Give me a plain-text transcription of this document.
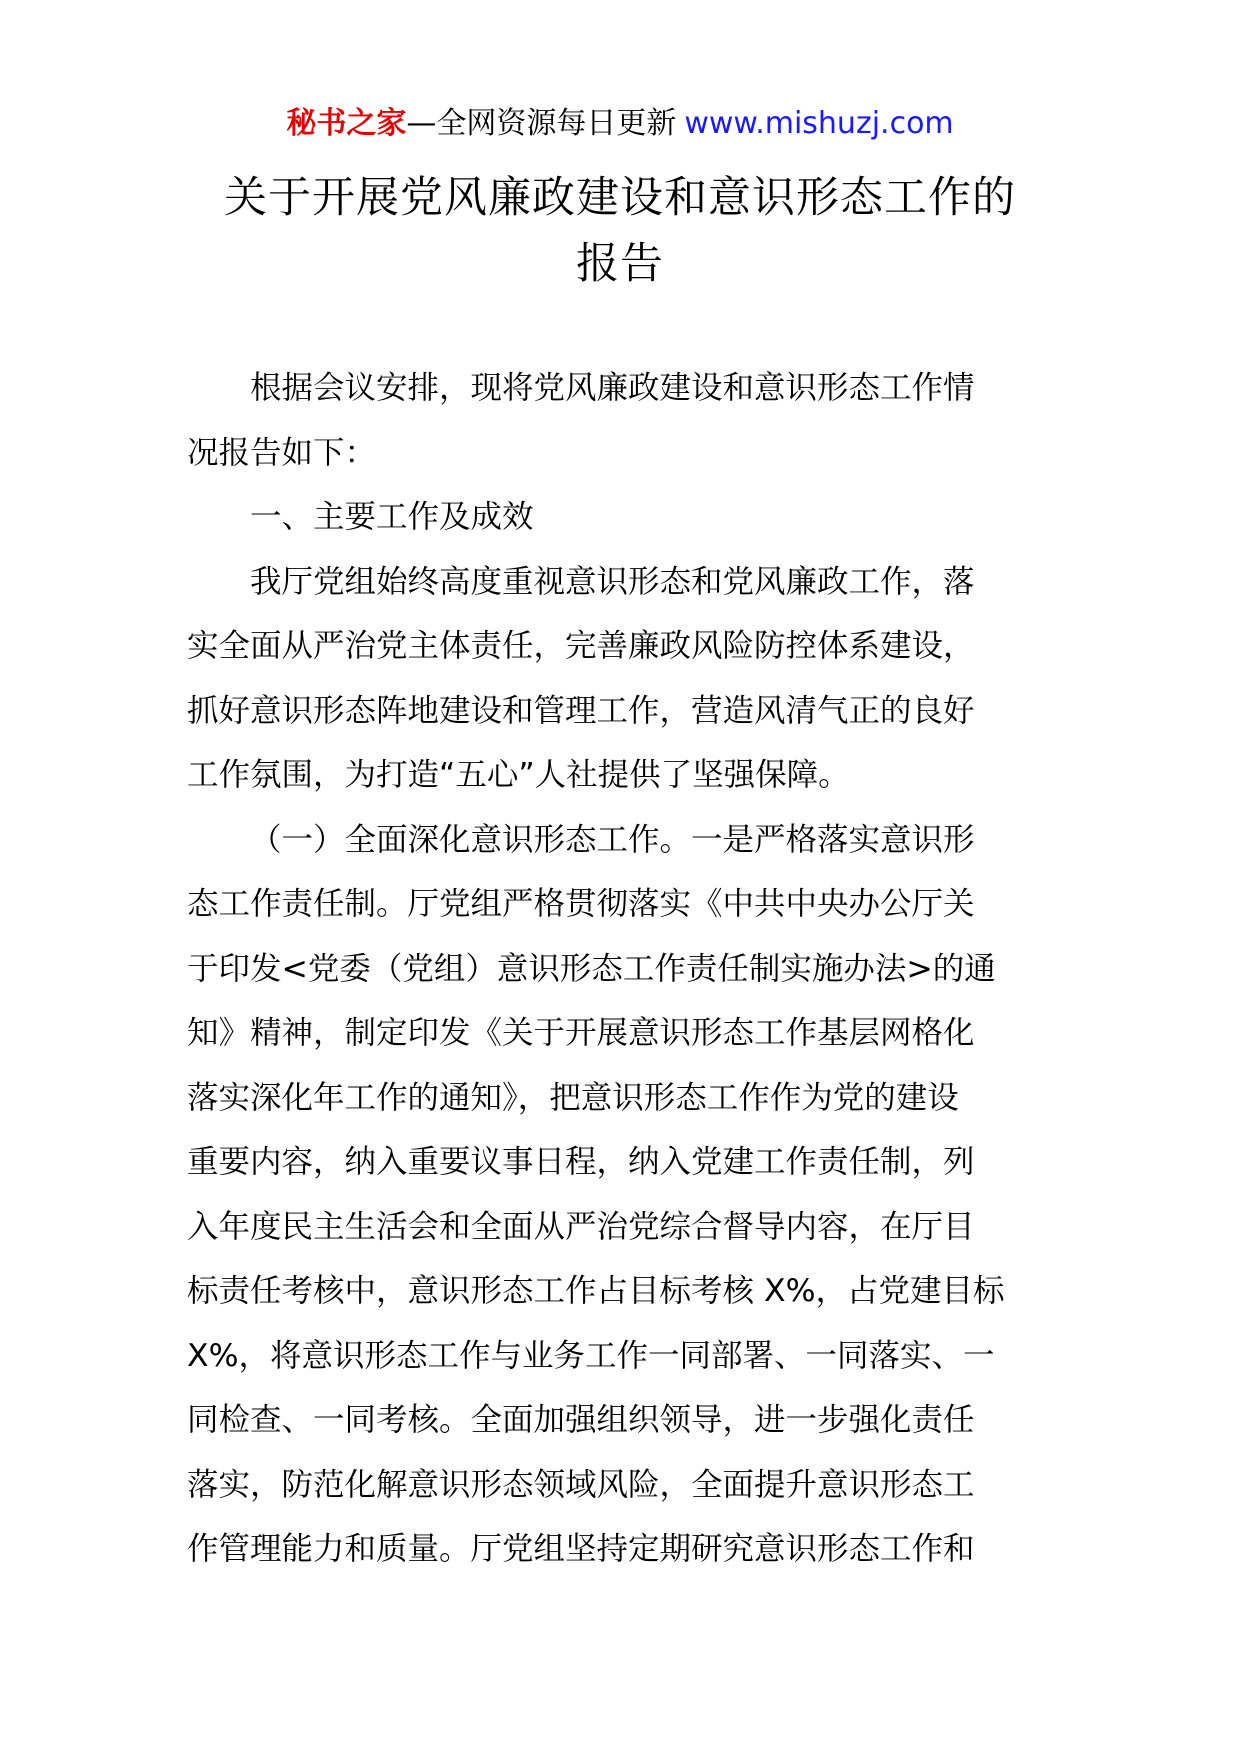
秘书之家—全网资源每日更新 www.mishuzj.com
关于开展党风廉政建设和意识形态工作的
报告
根据会议安排，现将党风廉政建设和意识形态工作情
况报告如下：
一、主要工作及成效
我厅党组始终高度重视意识形态和党风廉政工作，落
实全面从严治党主体责任，完善廉政风险防控体系建设，
抓好意识形态阵地建设和管理工作，营造风清气正的良好
工作氛围，为打造“五心”人社提供了坚强保障。
（一）全面深化意识形态工作。一是严格落实意识形
态工作责任制。厅党组严格贯彻落实《中共中央办公厅关
于印发<党委（党组）意识形态工作责任制实施办法>的通
知》精神，制定印发《关于开展意识形态工作基层网格化
落实深化年工作的通知》，把意识形态工作作为党的建设
重要内容，纳入重要议事日程，纳入党建工作责任制，列
入年度民主生活会和全面从严治党综合督导内容，在厅目
标责任考核中，意识形态工作占目标考核 X%，占党建目标
X%，将意识形态工作与业务工作一同部署、一同落实、一
同检查、一同考核。全面加强组织领导，进一步强化责任
落实，防范化解意识形态领域风险，全面提升意识形态工
作管理能力和质量。厅党组坚持定期研究意识形态工作和
